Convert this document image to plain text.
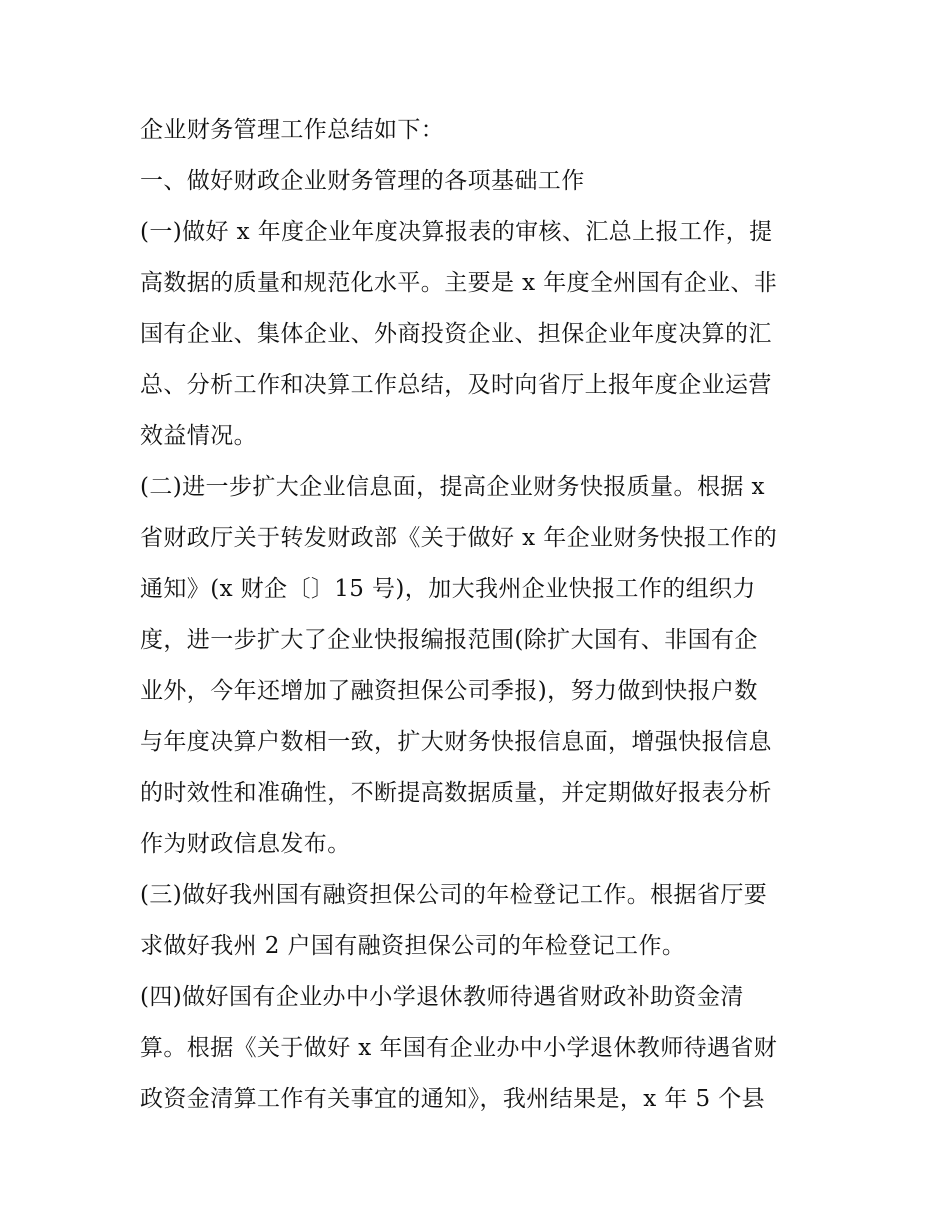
企业财务管理工作总结如下：
一、做好财政企业财务管理的各项基础工作
(一)做好 x 年度企业年度决算报表的审核、汇总上报工作，提
高数据的质量和规范化水平。主要是 x 年度全州国有企业、非
国有企业、集体企业、外商投资企业、担保企业年度决算的汇
总、分析工作和决算工作总结，及时向省厅上报年度企业运营
效益情况。
(二)进一步扩大企业信息面，提高企业财务快报质量。根据 x
省财政厅关于转发财政部《关于做好 x 年企业财务快报工作的
通知》(x 财企〔〕15 号)，加大我州企业快报工作的组织力
度，进一步扩大了企业快报编报范围(除扩大国有、非国有企
业外，今年还增加了融资担保公司季报)，努力做到快报户数
与年度决算户数相一致，扩大财务快报信息面，增强快报信息
的时效性和准确性，不断提高数据质量，并定期做好报表分析
作为财政信息发布。
(三)做好我州国有融资担保公司的年检登记工作。根据省厅要
求做好我州 2 户国有融资担保公司的年检登记工作。
(四)做好国有企业办中小学退休教师待遇省财政补助资金清
算。根据《关于做好 x 年国有企业办中小学退休教师待遇省财
政资金清算工作有关事宜的通知》，我州结果是，x 年 5 个县
